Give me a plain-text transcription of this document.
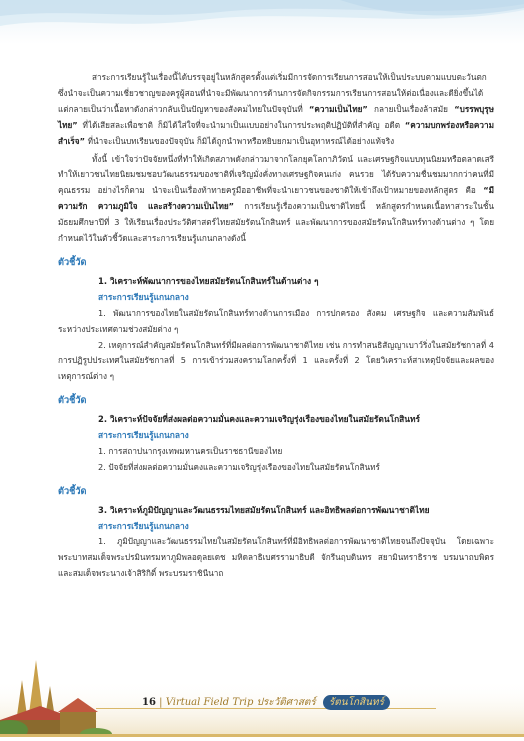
สาระการเรียนรู้ในเรื่องนี้ได้บรรจุอยู่ในหลักสูตรตั้งแต่เริ่มมีการจัดการเรียนการสอนให้เป็นประบบตามแบบตะวันตก ซึ่งนำจะเป็นความเชี่ยวชาญของครูผู้สอนที่นำจะมีพัฒนาการด้านการจัดกิจกรรมการเรียนการสอนให้ต่อเนื่องและดียิ่งขึ้นได้ แต่กลายเป็นว่าเนื้อหาดังกล่าวกลับเป็นปัญหาของสังคมไทยในปัจจุบันที่ “ความเป็นไทย” กลายเป็นเรื่องล้าสมัย “บรรพบุรุษไทย” ที่ได้เสียสละเพื่อชาติ ก็มิได้ใส่ใจที่จะนำมาเป็นแบบอย่างในการประพฤติปฏิบัติที่สำคัญ อดีต “ความบกพร่องหรือความสำเร็จ” ที่นำจะเป็นบทเรียนของปัจจุบัน ก็มิได้ถูกนำพาหรือหยิบยกมาเป็นอุทาหรณ์ได้อย่างแท้จริง

ทั้งนี้ เข้าใจว่าปัจจัยหนึ่งที่ทำให้เกิดสภาพดังกล่าวมาจากโลกยุคโลกาภิวัตน์ และเศรษฐกิจแบบทุนนิยมหรือตลาดเสรี ทำให้เยาวชนไทยนิยมชมชอบวัฒนธรรมของชาติที่เจริญมั่งคั่งทางเศรษฐกิจคนเก่ง คนรวย ได้รับความชื่นชมมากกว่าคนที่มีคุณธรรม อย่างไรก็ตาม นำจะเป็นเรื่องท้าทายครูมืออาชีพที่จะนำเยาวชนของชาติให้เข้าถึงเป้าหมายของหลักสูตร คือ “มีความรัก ความภูมิใจ และสร้างความเป็นไทย” การเรียนรู้เรื่องความเป็นชาติไทยนี้ หลักสูตรกำหนดเนื้อหาสาระในชั้นมัธยมศึกษาปีที่ 3 ให้เรียนเรื่องประวัติศาสตร์ไทยสมัยรัตนโกสินทร์ และพัฒนาการของสมัยรัตนโกสินทร์ทางด้านต่าง ๆ โดยกำหนดไว้ในตัวชี้วัดและสาระการเรียนรู้แกนกลางดังนี้

ตัวชี้วัด
1. วิเคราะห์พัฒนาการของไทยสมัยรัตนโกสินทร์ในด้านต่าง ๆ
สาระการเรียนรู้แกนกลาง

1. พัฒนาการของไทยในสมัยรัตนโกสินทร์ทางด้านการเมือง การปกครอง สังคม เศรษฐกิจ และความสัมพันธ์ระหว่างประเทศตามช่วงสมัยต่าง ๆ

2. เหตุการณ์สำคัญสมัยรัตนโกสินทร์ที่มีผลต่อการพัฒนาชาติไทย เช่น การทำสนธิสัญญาเบาว์ริ่งในสมัยรัชกาลที่ 4 การปฏิรูปประเทศในสมัยรัชกาลที่ 5 การเข้าร่วมสงครามโลกครั้งที่ 1 และครั้งที่ 2 โดยวิเคราะห์สาเหตุปัจจัยและผลของเหตุการณ์ต่าง ๆ

ตัวชี้วัด
2. วิเคราะห์ปัจจัยที่ส่งผลต่อความมั่นคงและความเจริญรุ่งเรืองของไทยในสมัยรัตนโกสินทร์
สาระการเรียนรู้แกนกลาง
1. การสถาปนากรุงเทพมหานครเป็นราชธานีของไทย
2. ปัจจัยที่ส่งผลต่อความมั่นคงและความเจริญรุ่งเรืองของไทยในสมัยรัตนโกสินทร์
ตัวชี้วัด
3. วิเคราะห์ภูมิปัญญาและวัฒนธรรมไทยสมัยรัตนโกสินทร์ และอิทธิพลต่อการพัฒนาชาติไทย
สาระการเรียนรู้แกนกลาง

1. ภูมิปัญญาและวัฒนธรรมไทยในสมัยรัตนโกสินทร์ที่มีอิทธิพลต่อการพัฒนาชาติไทยจนถึงปัจจุบัน โดยเฉพาะพระบาทสมเด็จพระปรมินทรมหาภูมิพลอดุลยเดช มหิดลาธิเบศรรามาธิบดี จักรีนฤบดินทร สยามินทราธิราช บรมนาถบพิตร และสมเด็จพระนางเจ้าสิริกิติ์ พระบรมราชินีนาถ

16 | Virtual Field Trip ประวัติศาสตร์ รัตนโกสินทร์
